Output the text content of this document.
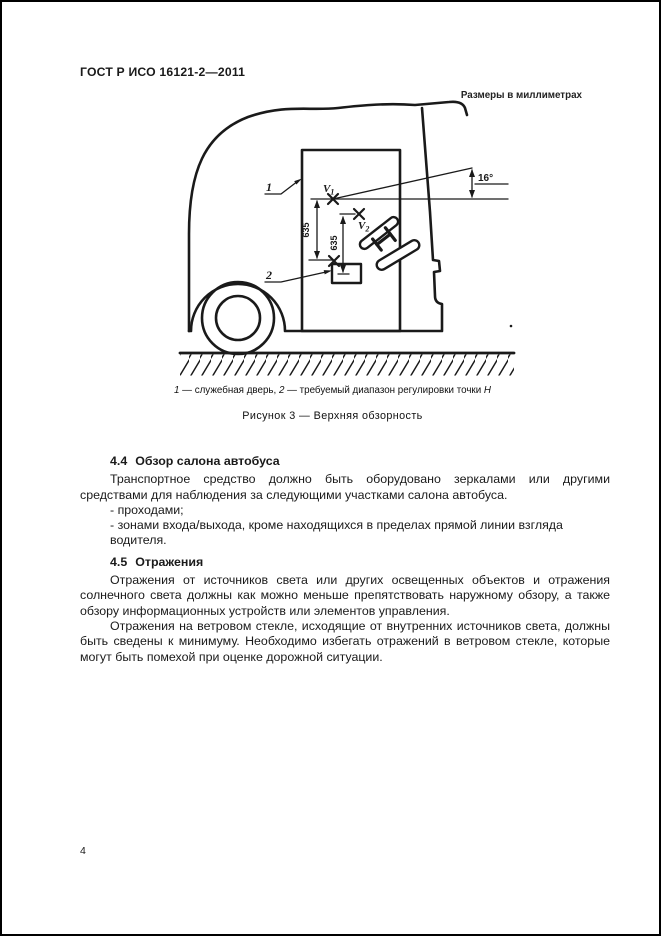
ГОСТ Р ИСО 16121-2—2011
Размеры в миллиметрах
16°
$V_1$
$V_2$
635
635
1
2
1 — служебная дверь, 2 — требуемый диапазон регулировки точки Н
Рисунок 3 — Верхняя обзорность
4.4 Обзор салона автобуса

Транспортное средство должно быть оборудовано зеркалами или другими средствами для наблюдения за следующими участками салона автобуса.

- проходами;
- зонами входа/выхода, кроме находящихся в пределах прямой линии взгляда водителя.
4.5 Отражения

Отражения от источников света или других освещенных объектов и отражения солнечного света должны как можно меньше препятствовать наружному обзору, а также обзору информационных устройств или элементов управления.

Отражения на ветровом стекле, исходящие от внутренних источников света, должны быть сведены к минимуму. Необходимо избегать отражений в ветровом стекле, которые могут быть помехой при оценке дорожной ситуации.

4
